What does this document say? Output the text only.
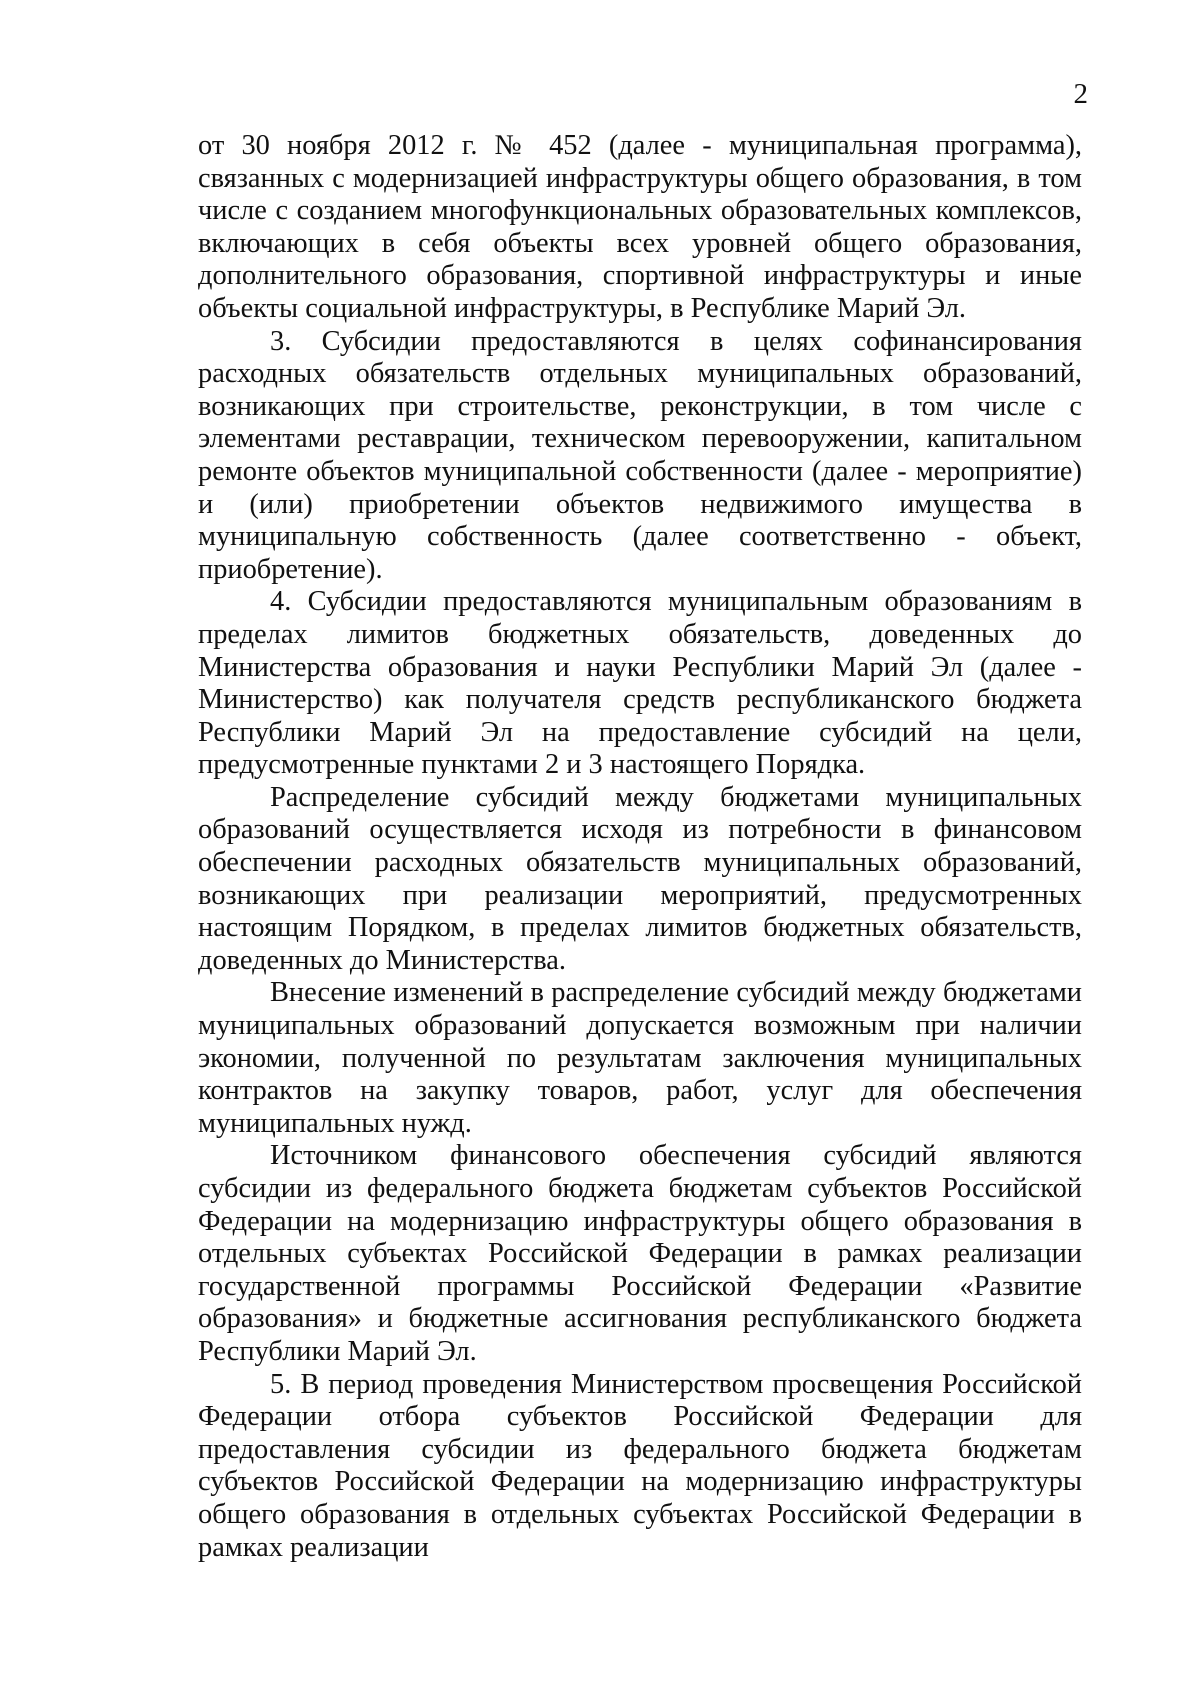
2

от 30 ноября 2012 г. № 452 (далее - муниципальная программа), связанных с модернизацией инфраструктуры общего образования, в том числе с созданием многофункциональных образовательных комплексов, включающих в себя объекты всех уровней общего образования, дополнительного образования, спортивной инфраструктуры и иные объекты социальной инфраструктуры, в Республике Марий Эл.

3. Субсидии предоставляются в целях софинансирования расходных обязательств отдельных муниципальных образований, возникающих при строительстве, реконструкции, в том числе с элементами реставрации, техническом перевооружении, капитальном ремонте объектов муниципальной собственности (далее - мероприятие) и (или) приобретении объектов недвижимого имущества в муниципальную собственность (далее соответственно - объект, приобретение).

4. Субсидии предоставляются муниципальным образованиям в пределах лимитов бюджетных обязательств, доведенных до Министерства образования и науки Республики Марий Эл (далее - Министерство) как получателя средств республиканского бюджета Республики Марий Эл на предоставление субсидий на цели, предусмотренные пунктами 2 и 3 настоящего Порядка.

Распределение субсидий между бюджетами муниципальных образований осуществляется исходя из потребности в финансовом обеспечении расходных обязательств муниципальных образований, возникающих при реализации мероприятий, предусмотренных настоящим Порядком, в пределах лимитов бюджетных обязательств, доведенных до Министерства.

Внесение изменений в распределение субсидий между бюджетами муниципальных образований допускается возможным при наличии экономии, полученной по результатам заключения муниципальных контрактов на закупку товаров, работ, услуг для обеспечения муниципальных нужд.

Источником финансового обеспечения субсидий являются субсидии из федерального бюджета бюджетам субъектов Российской Федерации на модернизацию инфраструктуры общего образования в отдельных субъектах Российской Федерации в рамках реализации государственной программы Российской Федерации «Развитие образования» и бюджетные ассигнования республиканского бюджета Республики Марий Эл.

5. В период проведения Министерством просвещения Российской Федерации отбора субъектов Российской Федерации для предоставления субсидии из федерального бюджета бюджетам субъектов Российской Федерации на модернизацию инфраструктуры общего образования в отдельных субъектах Российской Федерации в рамках реализации
